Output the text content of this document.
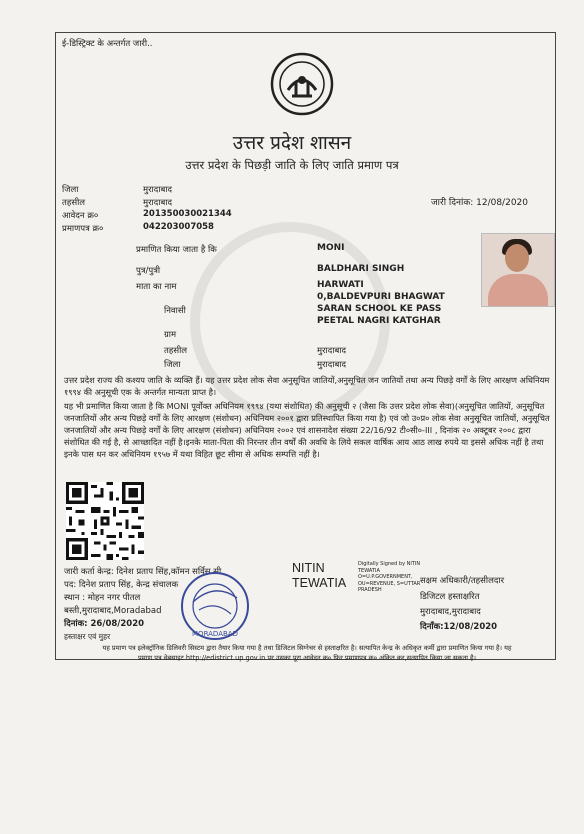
ई-डिस्ट्रिक्ट के अन्तर्गत जारी..
उत्तर प्रदेश शासन
उत्तर प्रदेश के पिछड़ी जाति के लिए जाति प्रमाण पत्र
जिला	मुरादाबाद
तहसील	मुरादाबाद
आवेदन क्र०	201350030021344
प्रमाणपत्र क्र०	042203007058
जारी दिनांक: 12/08/2020
प्रमाणित किया जाता है कि	MONI
पुत्र/पुत्री	BALDHARI SINGH
माता का नाम	HARWATI
निवासी
0,BALDEVPURI BHAGWAT
SARAN SCHOOL KE PASS
PEETAL NAGRI KATGHAR
ग्राम
तहसील	मुरादाबाद
जिला	मुरादाबाद
उत्तर प्रदेश राज्य की कश्यप जाति के व्यक्ति हैं। यह उत्तर प्रदेश लोक सेवा अनुसूचित जातियों,अनुसूचित जन जातियों तथा अन्य पिछड़े वर्गों के लिए आरक्षण अधिनियम १९९४ की अनुसूची एक के अन्तर्गत मान्यता प्राप्त है।
यह भी प्रमाणित किया जाता है कि MONI पूर्वोक्त अधिनियम १९९४ (यथा संशोधित) की अनुसूची २ (जैसा कि उत्तर प्रदेश लोक सेवा)(अनुसूचित जातियों, अनुसूचित जनजातियों और अन्य पिछड़े वर्गों के लिए आरक्षण (संशोधन) अधिनियम २००१ द्वारा प्रतिस्थापित किया गया है) एवं जो उ०प्र० लोक सेवा अनुसूचित जातियों, अनुसूचित जनजातियों और अन्य पिछड़े वर्गों के लिए आरक्षण (संशोधन) अधिनियम २००२ एवं शासनादेश संख्या 22/16/92 टी०सी०-III , दिनांक २० अक्टूबर २००८ द्वारा संशोधित की गई है, से आच्छादित नहीं है।इनके माता-पिता की निरन्तर तीन वर्षों की अवधि के लिये सकल वार्षिक आय आठ लाख रुपये या इससे अधिक नहीं है तथा इनके पास धन कर अधिनियम १९५७ में यथा विहित छूट सीमा से अधिक सम्पत्ति नहीं है।
जारी कर्ता केन्द्र: दिनेश प्रताप सिंह,कॉमन सर्विस सी.
पद: दिनेश प्रताप सिंह, केन्द्र संचालक
स्थान : मोहन नगर पीतल
बस्ती,मुरादाबाद,Moradabad
दिनांक: 26/08/2020
हस्ताक्षर एवं मुहर	MORADABAD
NITIN
TEWATIA
Digitally Signed by NITIN TEWATIA O=U.P.GOVERNMENT, OU=REVENUE, S=UTTAR PRADESH
सक्षम अधिकारी/तहसीलदार
डिजिटल हस्ताक्षरित
मुरादाबाद,मुरादाबाद
दिनाँक:12/08/2020
यह प्रमाण पत्र इलेक्ट्रॉनिक डिलिवरी सिस्टम द्वारा तैयार किया गया है तथा डिजिटल सिग्नेचर से हस्ताक्षरित है। सत्यापित केन्द्र के अधिकृत कर्मी द्वारा प्रमाणित किया गया है। यह
प्रमाण पत्र वेबसाइट http://edistrict.up.gov.in पर उसका पूरा आवेदन क्र० फिर प्रमाणपत्र क्र० अंकित कर,सत्यापित किया जा सकता है।
